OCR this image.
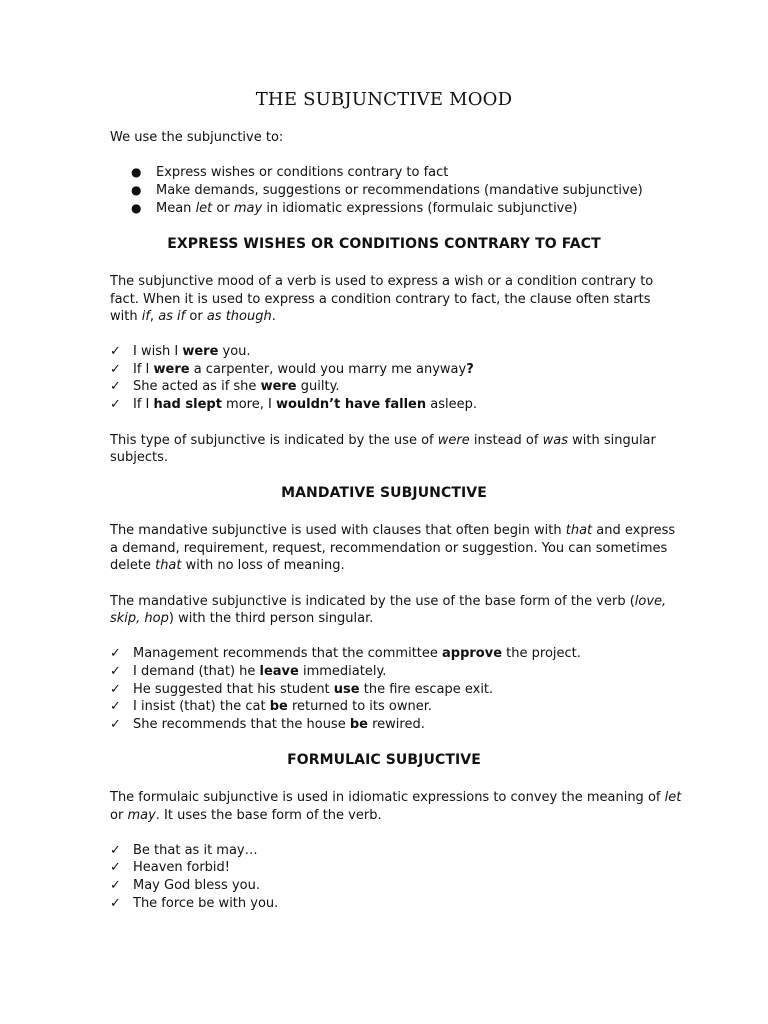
THE SUBJUNCTIVE MOOD
We use the subjunctive to:
● Express wishes or conditions contrary to fact
● Make demands, suggestions or recommendations (mandative subjunctive)
● Mean let or may in idiomatic expressions (formulaic subjunctive)
EXPRESS WISHES OR CONDITIONS CONTRARY TO FACT
The subjunctive mood of a verb is used to express a wish or a condition contrary to
fact. When it is used to express a condition contrary to fact, the clause often starts
with if, as if or as though.
✓ I wish I were you.
✓ If I were a carpenter, would you marry me anyway?
✓ She acted as if she were guilty.
✓ If I had slept more, I wouldn’t have fallen asleep.
This type of subjunctive is indicated by the use of were instead of was with singular
subjects.
MANDATIVE SUBJUNCTIVE
The mandative subjunctive is used with clauses that often begin with that and express
a demand, requirement, request, recommendation or suggestion. You can sometimes
delete that with no loss of meaning.
The mandative subjunctive is indicated by the use of the base form of the verb (love,
skip, hop) with the third person singular.
✓ Management recommends that the committee approve the project.
✓ I demand (that) he leave immediately.
✓ He suggested that his student use the fire escape exit.
✓ I insist (that) the cat be returned to its owner.
✓ She recommends that the house be rewired.
FORMULAIC SUBJUCTIVE
The formulaic subjunctive is used in idiomatic expressions to convey the meaning of let
or may. It uses the base form of the verb.
✓ Be that as it may…
✓ Heaven forbid!
✓ May God bless you.
✓ The force be with you.
